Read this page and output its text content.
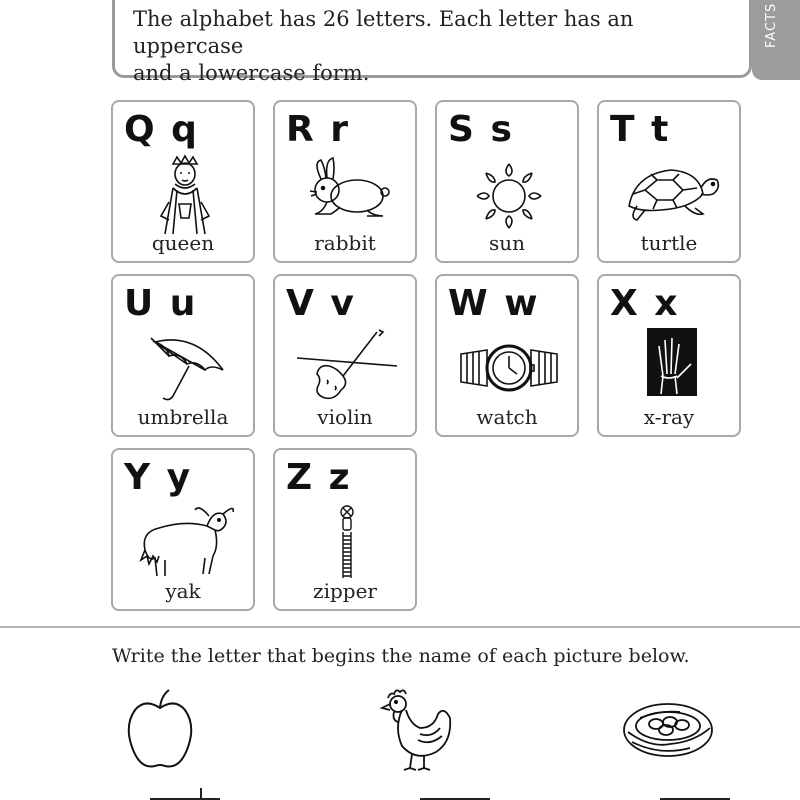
The alphabet has 26 letters. Each letter has an uppercase
and a lowercase form.
FACTS
Q q
queen
R r
rabbit
S s
sun
T t
turtle
U u
umbrella
V v
violin
W w
watch
X x
x-ray
Y y
yak
Z z
zipper
Write the letter that begins the name of each picture below.
